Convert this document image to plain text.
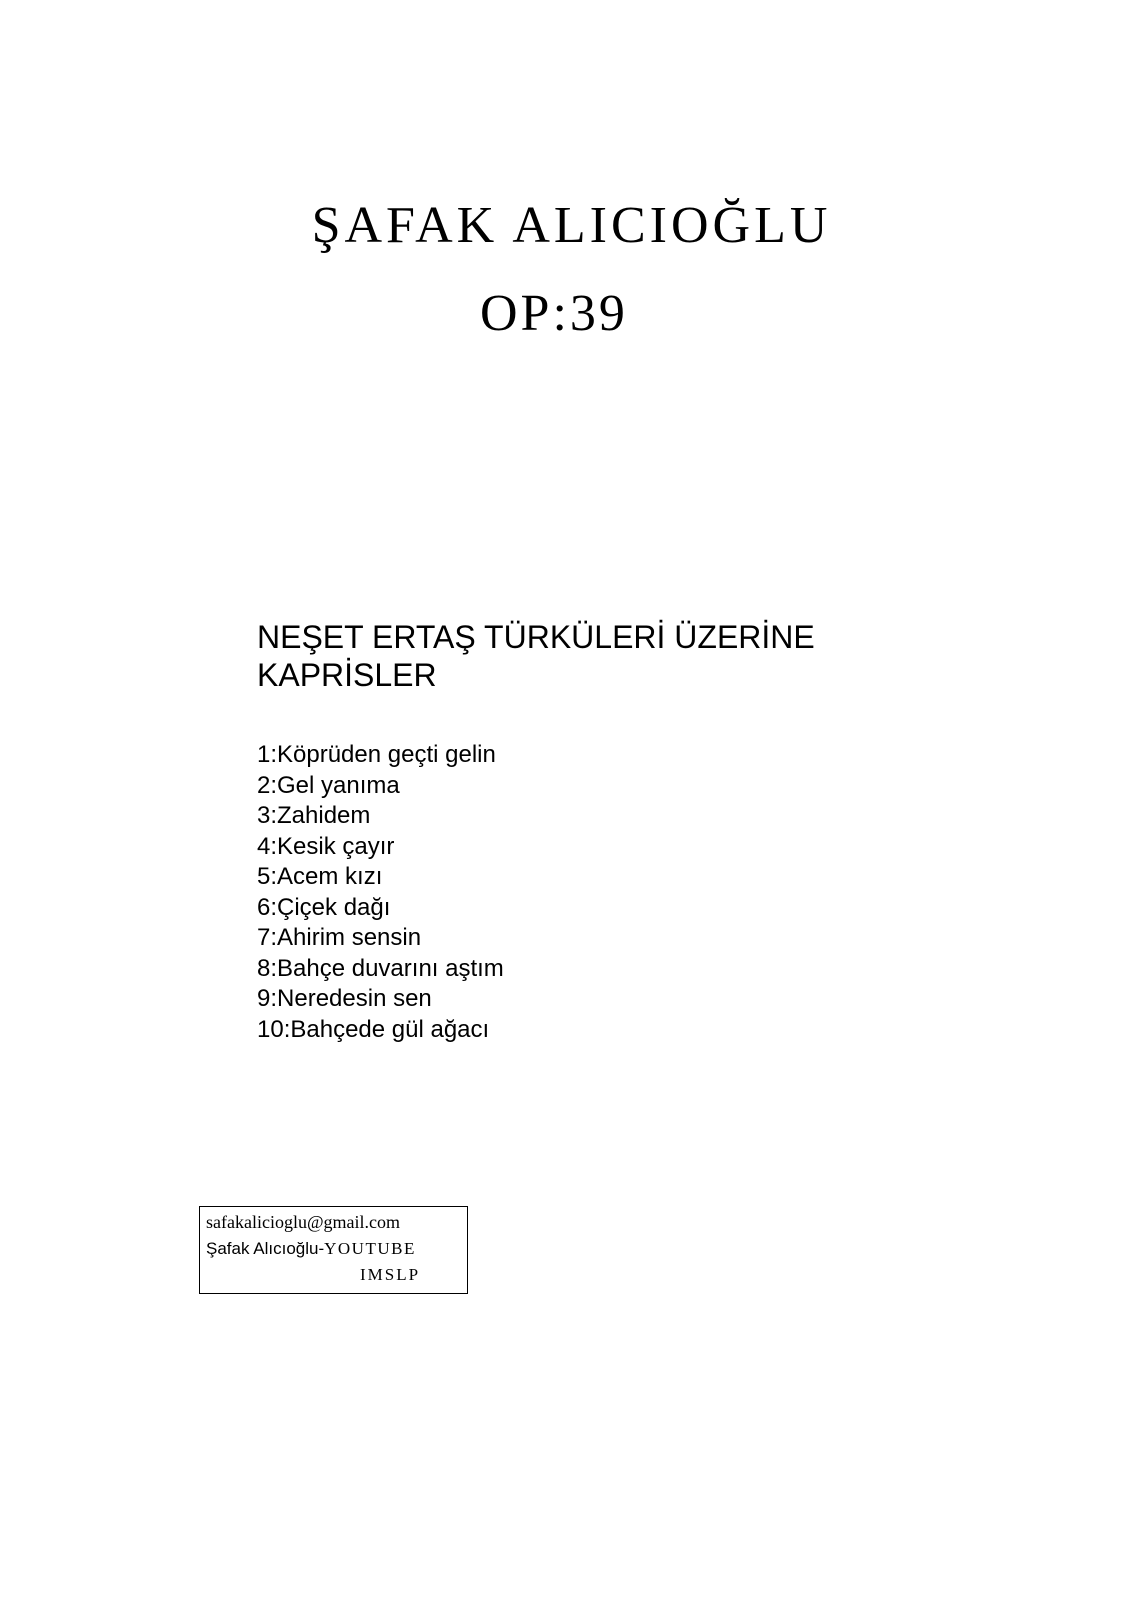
ŞAFAK ALICIOĞLU
OP:39
NEŞET ERTAŞ TÜRKÜLERİ ÜZERİNE
KAPRİSLER
1:Köprüden geçti gelin
2:Gel yanıma
3:Zahidem
4:Kesik çayır
5:Acem kızı
6:Çiçek dağı
7:Ahirim sensin
8:Bahçe duvarını aştım
9:Neredesin sen
10:Bahçede gül ağacı
safakalicioglu@gmail.com
Şafak Alıcıoğlu-YOUTUBE
IMSLP
